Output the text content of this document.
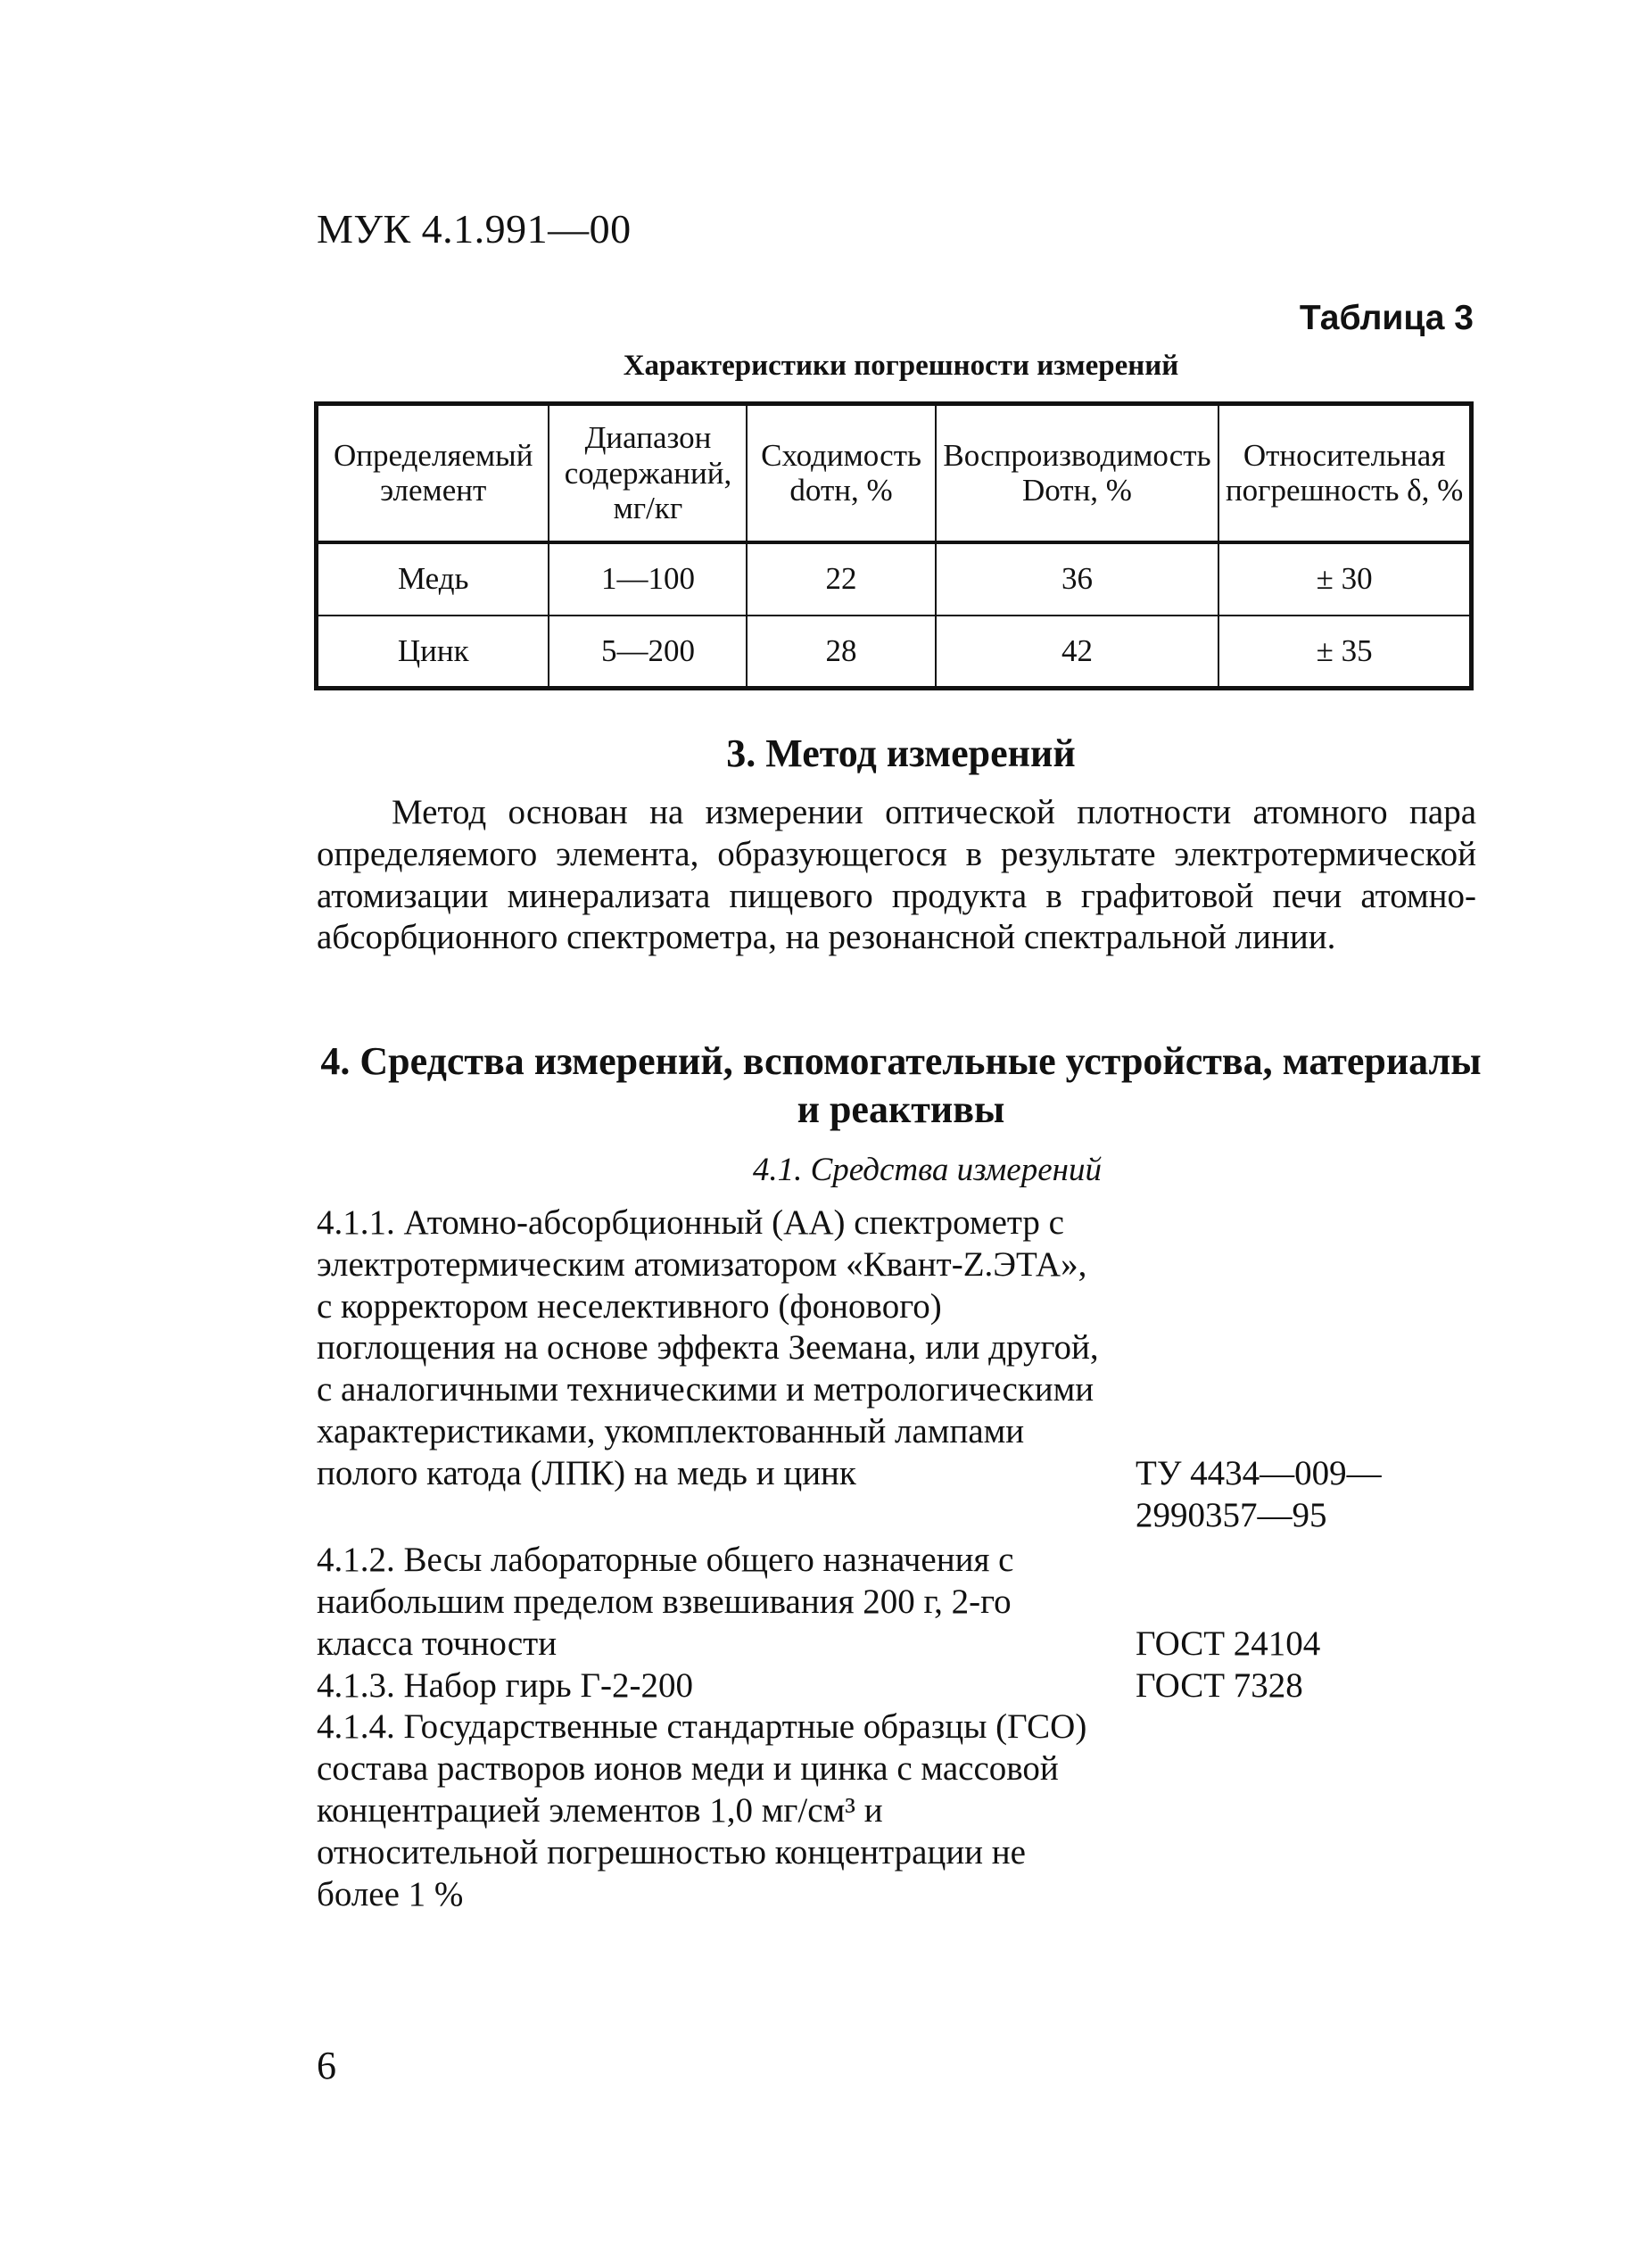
МУК 4.1.991—00
Таблица 3
Характеристики погрешности измерений
Определяемый элемент	Диапазон содержаний, мг/кг	Сходимость dотн, %	Воспроизводимость Dотн, %	Относительная погрешность δ, %
Медь	1—100	22	36	± 30
Цинк	5—200	28	42	± 35
3. Метод измерений
Метод основан на измерении оптической плотности атомного пара определяемого элемента, образующегося в результате электротермической атомизации минерализата пищевого продукта в графитовой печи атомно-абсорбционного спектрометра, на резонансной спектральной линии.
4. Средства измерений, вспомогательные устройства, материалы и реактивы
4.1. Средства измерений
4.1.1. Атомно-абсорбционный (АА) спектрометр с электротермическим атомизатором «Квант-Z.ЭТА», с корректором неселективного (фонового) поглощения на основе эффекта Зеемана, или другой, с аналогичными техническими и метрологическими характеристиками, укомплектованный лампами полого катода (ЛПК) на медь и цинк	ТУ 4434—009—
2990357—95
4.1.2. Весы лабораторные общего назначения с наибольшим пределом взвешивания 200 г, 2-го класса точности	ГОСТ 24104
4.1.3. Набор гирь Г-2-200	ГОСТ 7328
4.1.4. Государственные стандартные образцы (ГСО) состава растворов ионов меди и цинка с массовой концентрацией элементов 1,0 мг/см³ и относительной погрешностью концентрации не более 1 %
6
